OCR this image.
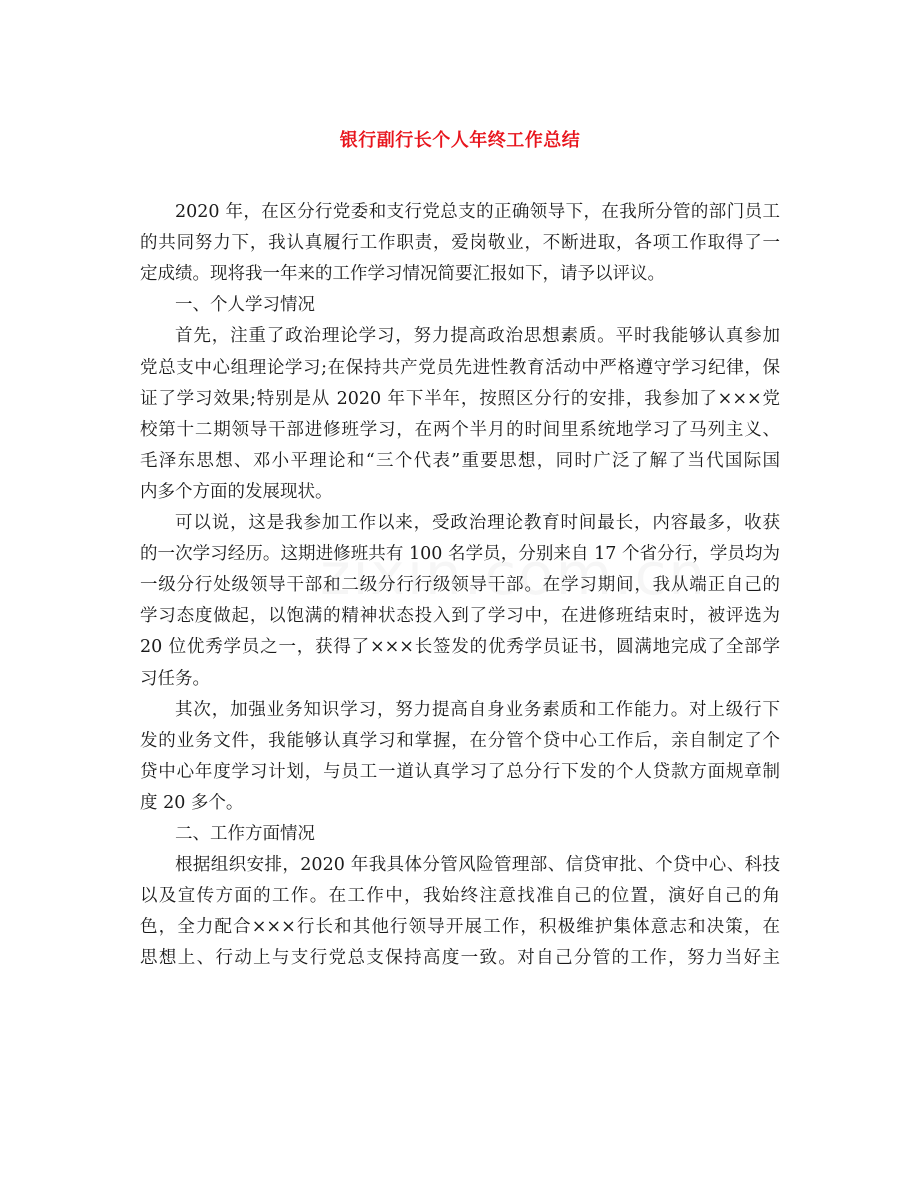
银行副行长个人年终工作总结
2020 年，在区分行党委和支行党总支的正确领导下，在我所分管的部门员工
的共同努力下，我认真履行工作职责，爱岗敬业，不断进取，各项工作取得了一
定成绩。现将我一年来的工作学习情况简要汇报如下，请予以评议。
一、个人学习情况
首先，注重了政治理论学习，努力提高政治思想素质。平时我能够认真参加
党总支中心组理论学习;在保持共产党员先进性教育活动中严格遵守学习纪律，保
证了学习效果;特别是从 2020 年下半年，按照区分行的安排，我参加了×××党
校第十二期领导干部进修班学习，在两个半月的时间里系统地学习了马列主义、
毛泽东思想、邓小平理论和“三个代表”重要思想，同时广泛了解了当代国际国
内多个方面的发展现状。
可以说，这是我参加工作以来，受政治理论教育时间最长，内容最多，收获
的一次学习经历。这期进修班共有 100 名学员，分别来自 17 个省分行，学员均为
一级分行处级领导干部和二级分行行级领导干部。在学习期间，我从端正自己的
学习态度做起，以饱满的精神状态投入到了学习中，在进修班结束时，被评选为
20 位优秀学员之一，获得了×××长签发的优秀学员证书，圆满地完成了全部学
习任务。
其次，加强业务知识学习，努力提高自身业务素质和工作能力。对上级行下
发的业务文件，我能够认真学习和掌握，在分管个贷中心工作后，亲自制定了个
贷中心年度学习计划，与员工一道认真学习了总分行下发的个人贷款方面规章制
度 20 多个。
二、工作方面情况
根据组织安排，2020 年我具体分管风险管理部、信贷审批、个贷中心、科技
以及宣传方面的工作。在工作中，我始终注意找准自己的位置，演好自己的角
色，全力配合×××行长和其他行领导开展工作，积极维护集体意志和决策，在
思想上、行动上与支行党总支保持高度一致。对自己分管的工作，努力当好主
